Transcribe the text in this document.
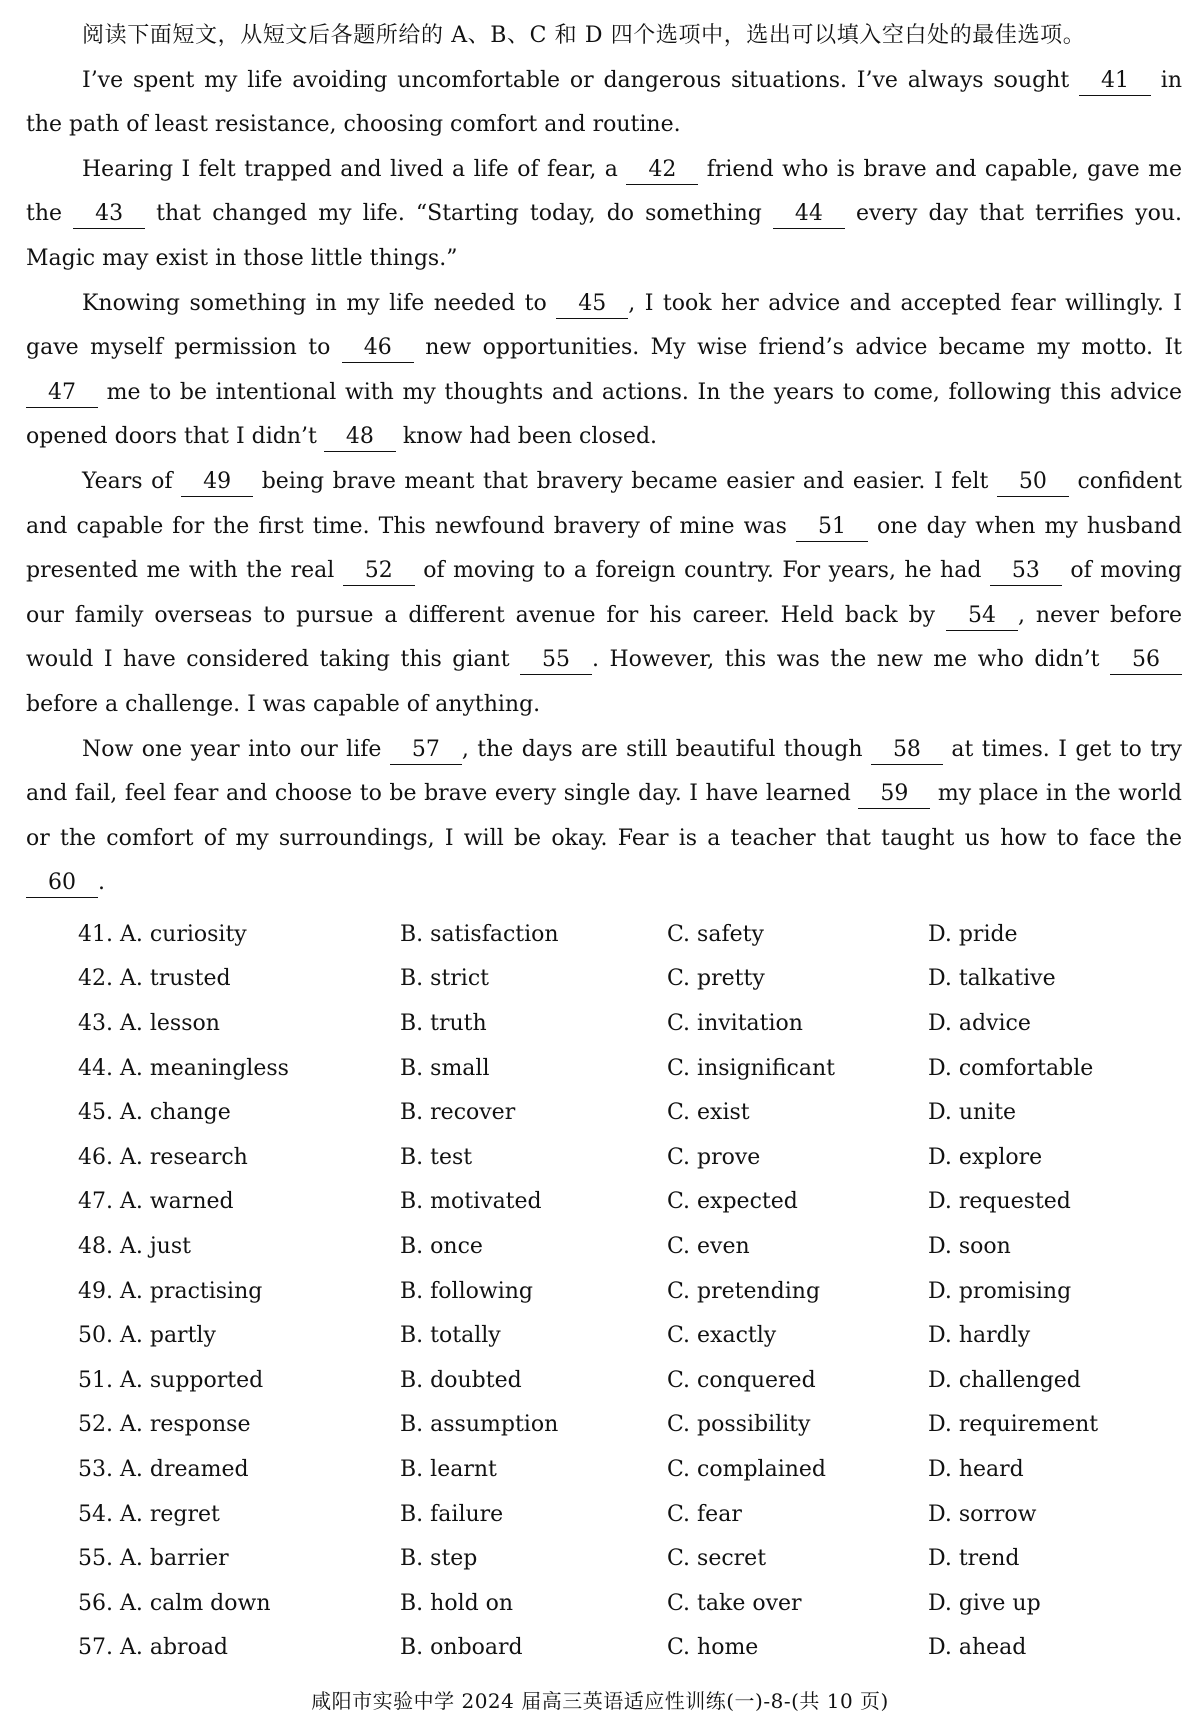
阅读下面短文，从短文后各题所给的 A、B、C 和 D 四个选项中，选出可以填入空白处的最佳选项。

I’ve spent my life avoiding uncomfortable or dangerous situations. I’ve always sought 41 in the path of least resistance, choosing comfort and routine.

Hearing I felt trapped and lived a life of fear, a 42 friend who is brave and capable, gave me the 43 that changed my life. “Starting today, do something 44 every day that terrifies you. Magic may exist in those little things.”

Knowing something in my life needed to 45 , I took her advice and accepted fear willingly. I gave myself permission to 46 new opportunities. My wise friend’s advice became my motto. It 47 me to be intentional with my thoughts and actions. In the years to come, following this advice opened doors that I didn’t 48 know had been closed.

Years of 49 being brave meant that bravery became easier and easier. I felt 50 confident and capable for the first time. This newfound bravery of mine was 51 one day when my husband presented me with the real 52 of moving to a foreign country. For years, he had 53 of moving our family overseas to pursue a different avenue for his career. Held back by 54 , never before would I have considered taking this giant 55 . However, this was the new me who didn’t 56 before a challenge. I was capable of anything.

Now one year into our life 57 , the days are still beautiful though 58 at times. I get to try and fail, feel fear and choose to be brave every single day. I have learned 59 my place in the world or the comfort of my surroundings, I will be okay. Fear is a teacher that taught us how to face the 60 .

41. A. curiosity	B. satisfaction	C. safety	D. pride
42. A. trusted	B. strict	C. pretty	D. talkative
43. A. lesson	B. truth	C. invitation	D. advice
44. A. meaningless	B. small	C. insignificant	D. comfortable
45. A. change	B. recover	C. exist	D. unite
46. A. research	B. test	C. prove	D. explore
47. A. warned	B. motivated	C. expected	D. requested
48. A. just	B. once	C. even	D. soon
49. A. practising	B. following	C. pretending	D. promising
50. A. partly	B. totally	C. exactly	D. hardly
51. A. supported	B. doubted	C. conquered	D. challenged
52. A. response	B. assumption	C. possibility	D. requirement
53. A. dreamed	B. learnt	C. complained	D. heard
54. A. regret	B. failure	C. fear	D. sorrow
55. A. barrier	B. step	C. secret	D. trend
56. A. calm down	B. hold on	C. take over	D. give up
57. A. abroad	B. onboard	C. home	D. ahead
咸阳市实验中学 2024 届高三英语适应性训练(一)-8-(共 10 页)
